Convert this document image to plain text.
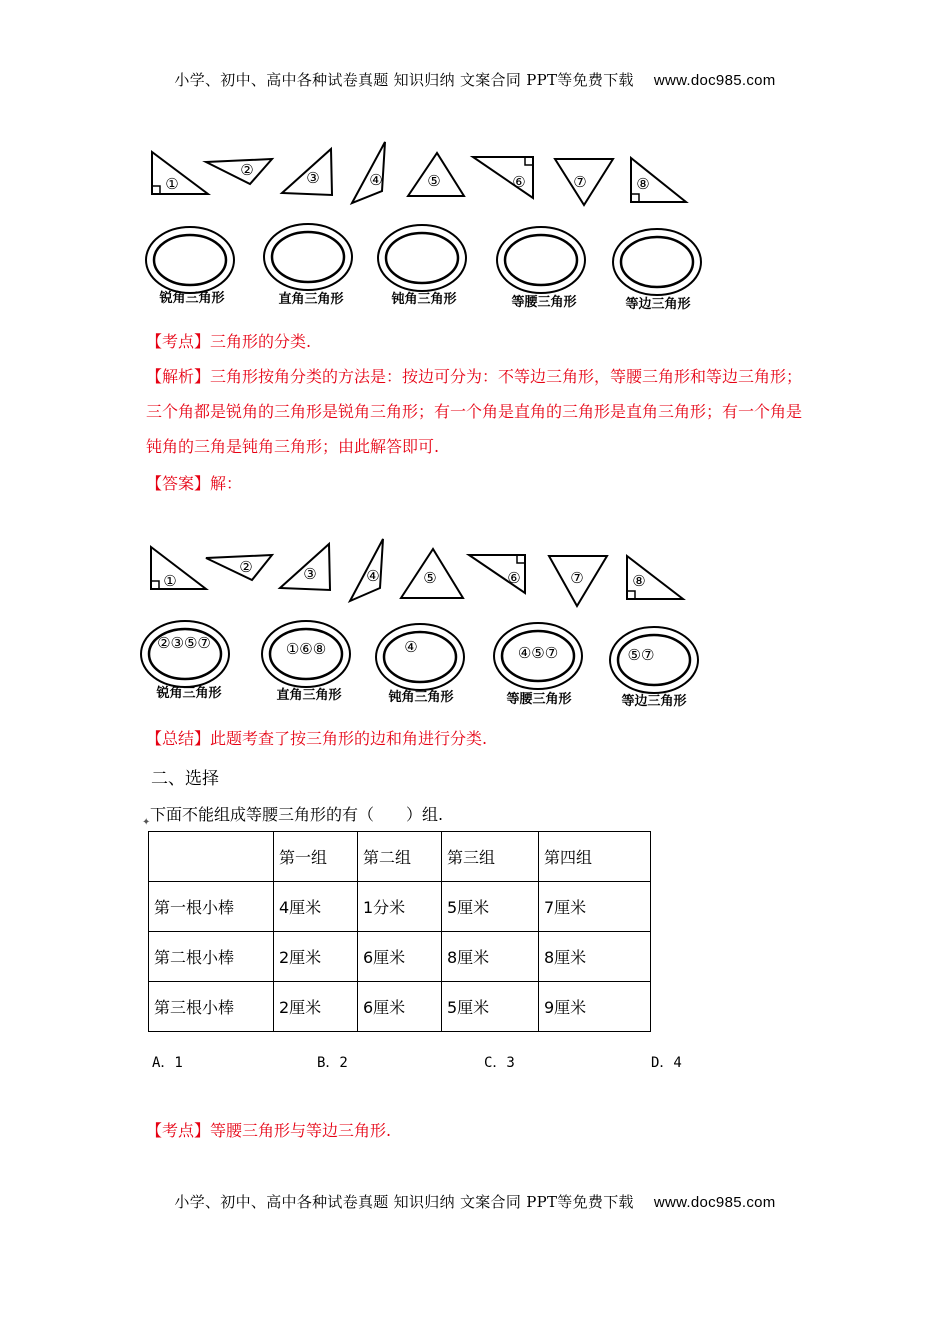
小学、初中、高中各种试卷真题 知识归纳 文案合同 PPT等免费下载 www.doc985.com
①
②	③	④	⑤	⑥	⑦	⑧
锐角三角形	直角三角形	钝角三角形	等腰三角形	等边三角形
【考点】三角形的分类.
【解析】三角形按角分类的方法是：按边可分为：不等边三角形，等腰三角形和等边三角形；三个角都是锐角的三角形是锐角三角形；有一个角是直角的三角形是直角三角形；有一个角是钝角的三角是钝角三角形；由此解答即可.
【答案】解：
①
②	③	④	⑤	⑥	⑦	⑧
②③⑤⑦	①⑥⑧	④	④⑤⑦	⑤⑦
锐角三角形	直角三角形	钝角三角形	等腰三角形	等边三角形
【总结】此题考查了按三角形的边和角进行分类.
二、选择
下面不能组成等腰三角形的有（　　）组.
✦
	第一组	第二组	第三组	第四组
第一根小棒	4厘米	1分米	5厘米	7厘米
第二根小棒	2厘米	6厘米	8厘米	8厘米
第三根小棒	2厘米	6厘米	5厘米	9厘米
A．1	B．2	C．3	D．4
【考点】等腰三角形与等边三角形.
小学、初中、高中各种试卷真题 知识归纳 文案合同 PPT等免费下载 www.doc985.com
